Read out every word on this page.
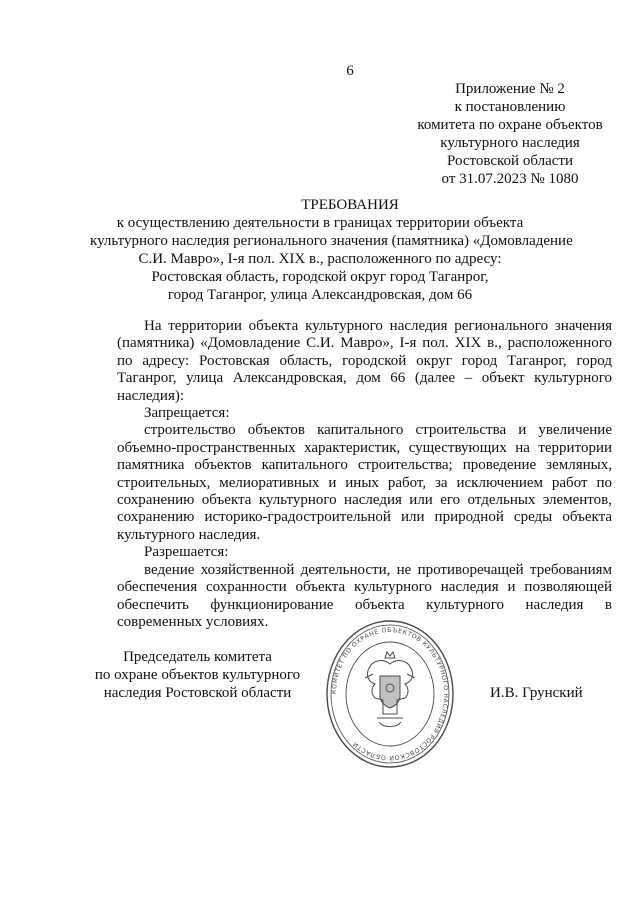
6
Приложение № 2
к постановлению
комитета по охране объектов
культурного наследия
Ростовской области
от 31.07.2023 № 1080
ТРЕБОВАНИЯ
к осуществлению деятельности в границах территории объекта
культурного наследия регионального значения (памятника) «Домовладение
С.И. Мавро», I-я пол. XIX в., расположенного по адресу:
Ростовская область, городской округ город Таганрог,
город Таганрог, улица Александровская, дом 66

На территории объекта культурного наследия регионального значения (памятника) «Домовладение С.И. Мавро», I-я пол. XIX в., расположенного по адресу: Ростовская область, городской округ город Таганрог, город Таганрог, улица Александровская, дом 66 (далее – объект культурного наследия):

Запрещается:

строительство объектов капитального строительства и увеличение объемно-пространственных характеристик, существующих на территории памятника объектов капитального строительства; проведение земляных, строительных, мелиоративных и иных работ, за исключением работ по сохранению объекта культурного наследия или его отдельных элементов, сохранению историко-градостроительной или природной среды объекта культурного наследия.

Разрешается:

ведение хозяйственной деятельности, не противоречащей требованиям обеспечения сохранности объекта культурного наследия и позволяющей обеспечить функционирование объекта культурного наследия в современных условиях.

Председатель комитета
по охране объектов культурного
наследия Ростовской области	КОМИТЕТ ПО ОХРАНЕ ОБЪЕКТОВ КУЛЬТУРНОГО НАСЛЕДИЯ РОСТОВСКОЙ ОБЛАСТИ
И.В. Грунский
